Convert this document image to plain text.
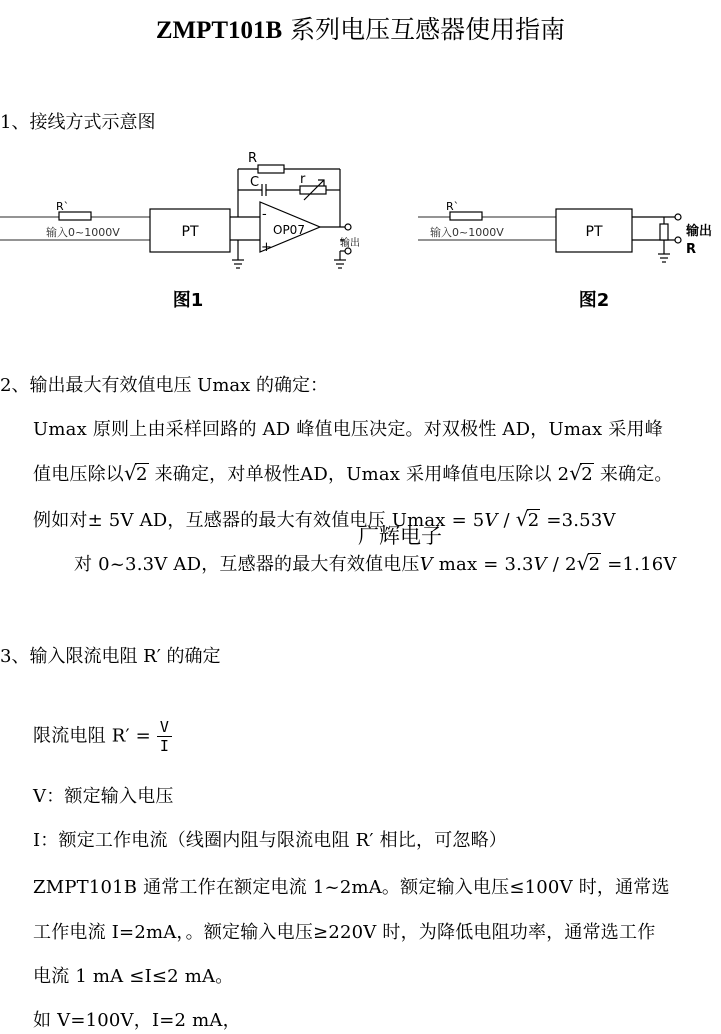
ZMPT101B 系列电压互感器使用指南
1、接线方式示意图
R`
输入0~1000V	PT
R
C	r
OP07
-
+	输出
图1
R`
输入0~1000V	PT	输出
R
图2
2、输出最大有效值电压 Umax 的确定：
Umax 原则上由采样回路的 AD 峰值电压决定。对双极性 AD，Umax 采用峰
值电压除以 √ 2 来确定，对单极性AD，Umax 采用峰值电压除以 2 √ 2 来确定。
例如对± 5V AD，互感器的最大有效值电压 Umax = 5V / √ 2 =3.53V
广辉电子
对 0~3.3V AD，互感器的最大有效值电压V max = 3.3V / 2 √ 2 =1.16V
3、输入限流电阻 R′ 的确定
限流电阻 $R' = \frac{V}{I}$
V：额定输入电压
I：额定工作电流（线圈内阻与限流电阻 R′ 相比，可忽略）
ZMPT101B 通常工作在额定电流 1~2mA。额定输入电压≤100V 时，通常选
工作电流 I=2mA，。额定输入电压≥220V 时，为降低电阻功率，通常选工作
电流 1 mA ≤I≤2 mA。
如 V=100V，I=2 mA，
